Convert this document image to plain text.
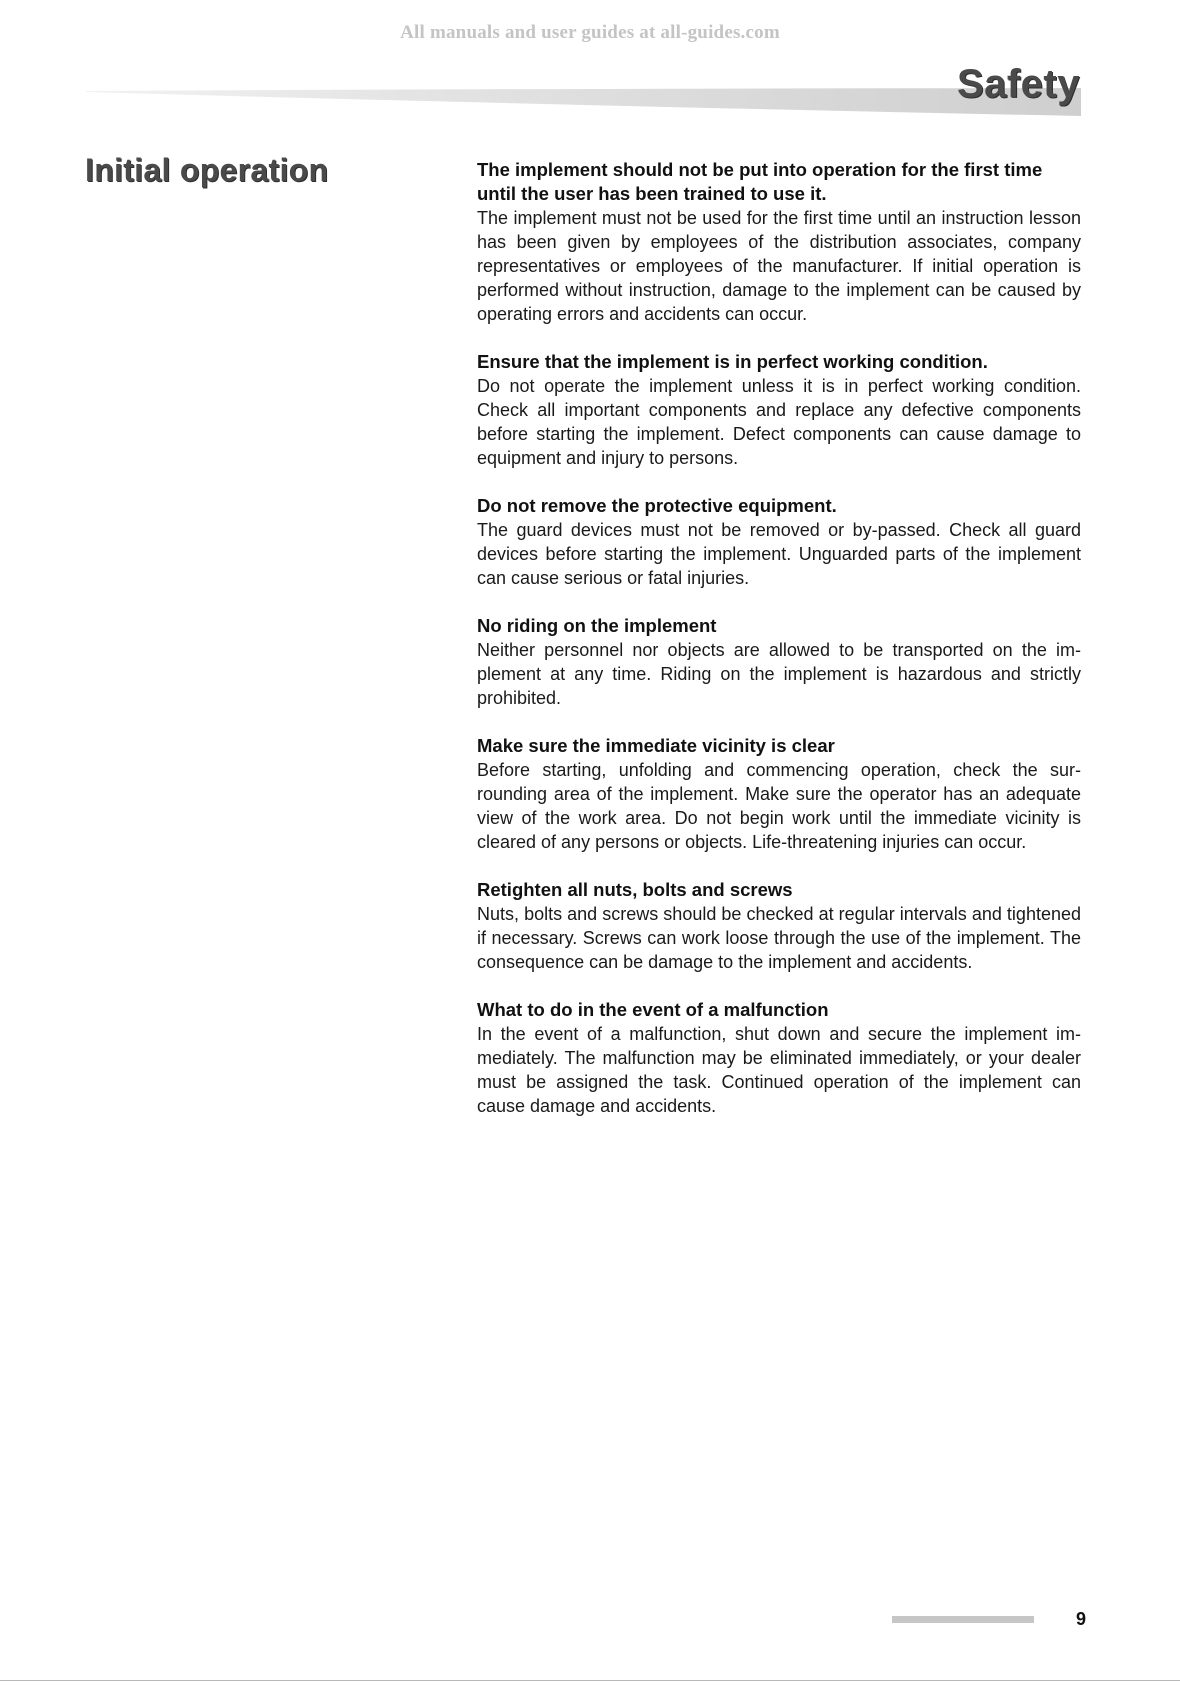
All manuals and user guides at all-guides.com
Safety
Initial operation	The implement should not be put into operation for the first time until the user has been trained to use it.
The implement must not be used for the first time until an instruction lesson has been given by employees of the distribution associates, company representatives or employees of the manufacturer. If initial operation is performed without instruction, damage to the implement can be caused by operating errors and accidents can occur.
Ensure that the implement is in perfect working condition.
Do not operate the implement unless it is in perfect working condition. Check all important components and replace any defective components before starting the implement. Defect components can cause damage to equipment and injury to persons.
Do not remove the protective equipment.
The guard devices must not be removed or by-passed. Check all guard devices before starting the implement. Unguarded parts of the implement can cause serious or fatal injuries.
No riding on the implement
Neither personnel nor objects are allowed to be transported on the implement at any time. Riding on the implement is hazardous and strictly prohibited.
Make sure the immediate vicinity is clear
Before starting, unfolding and commencing operation, check the surrounding area of the implement. Make sure the operator has an adequate view of the work area. Do not begin work until the immediate vicinity is cleared of any persons or objects. Life-threatening injuries can occur.
Retighten all nuts, bolts and screws
Nuts, bolts and screws should be checked at regular intervals and tightened if necessary. Screws can work loose through the use of the implement. The consequence can be damage to the implement and accidents.
What to do in the event of a malfunction
In the event of a malfunction, shut down and secure the implement immediately. The malfunction may be eliminated immediately, or your dealer must be assigned the task. Continued operation of the implement can cause damage and accidents.
9
